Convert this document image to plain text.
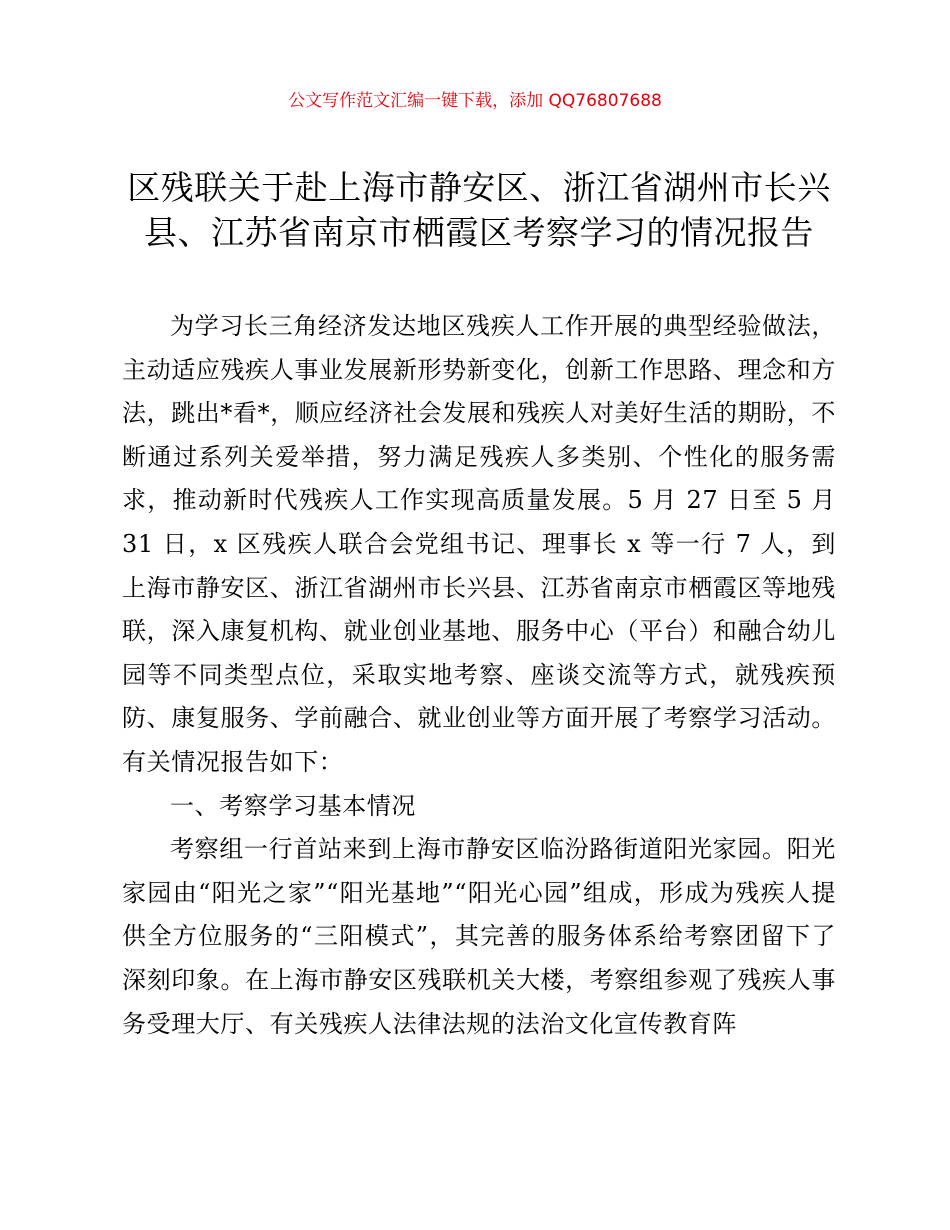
公文写作范文汇编一键下载，添加 QQ76807688
区残联关于赴上海市静安区、浙江省湖州市长兴县、江苏省南京市栖霞区考察学习的情况报告

为学习长三角经济发达地区残疾人工作开展的典型经验做法，主动适应残疾人事业发展新形势新变化，创新工作思路、理念和方法，跳出*看*，顺应经济社会发展和残疾人对美好生活的期盼，不断通过系列关爱举措，努力满足残疾人多类别、个性化的服务需求，推动新时代残疾人工作实现高质量发展。5 月 27 日至 5 月 31 日，x 区残疾人联合会党组书记、理事长 x 等一行 7 人，到上海市静安区、浙江省湖州市长兴县、江苏省南京市栖霞区等地残联，深入康复机构、就业创业基地、服务中心（平台）和融合幼儿园等不同类型点位，采取实地考察、座谈交流等方式，就残疾预防、康复服务、学前融合、就业创业等方面开展了考察学习活动。有关情况报告如下：

一、考察学习基本情况

考察组一行首站来到上海市静安区临汾路街道阳光家园。阳光家园由“阳光之家”“阳光基地”“阳光心园”组成，形成为残疾人提供全方位服务的“三阳模式”，其完善的服务体系给考察团留下了深刻印象。在上海市静安区残联机关大楼，考察组参观了残疾人事务受理大厅、有关残疾人法律法规的法治文化宣传教育阵
